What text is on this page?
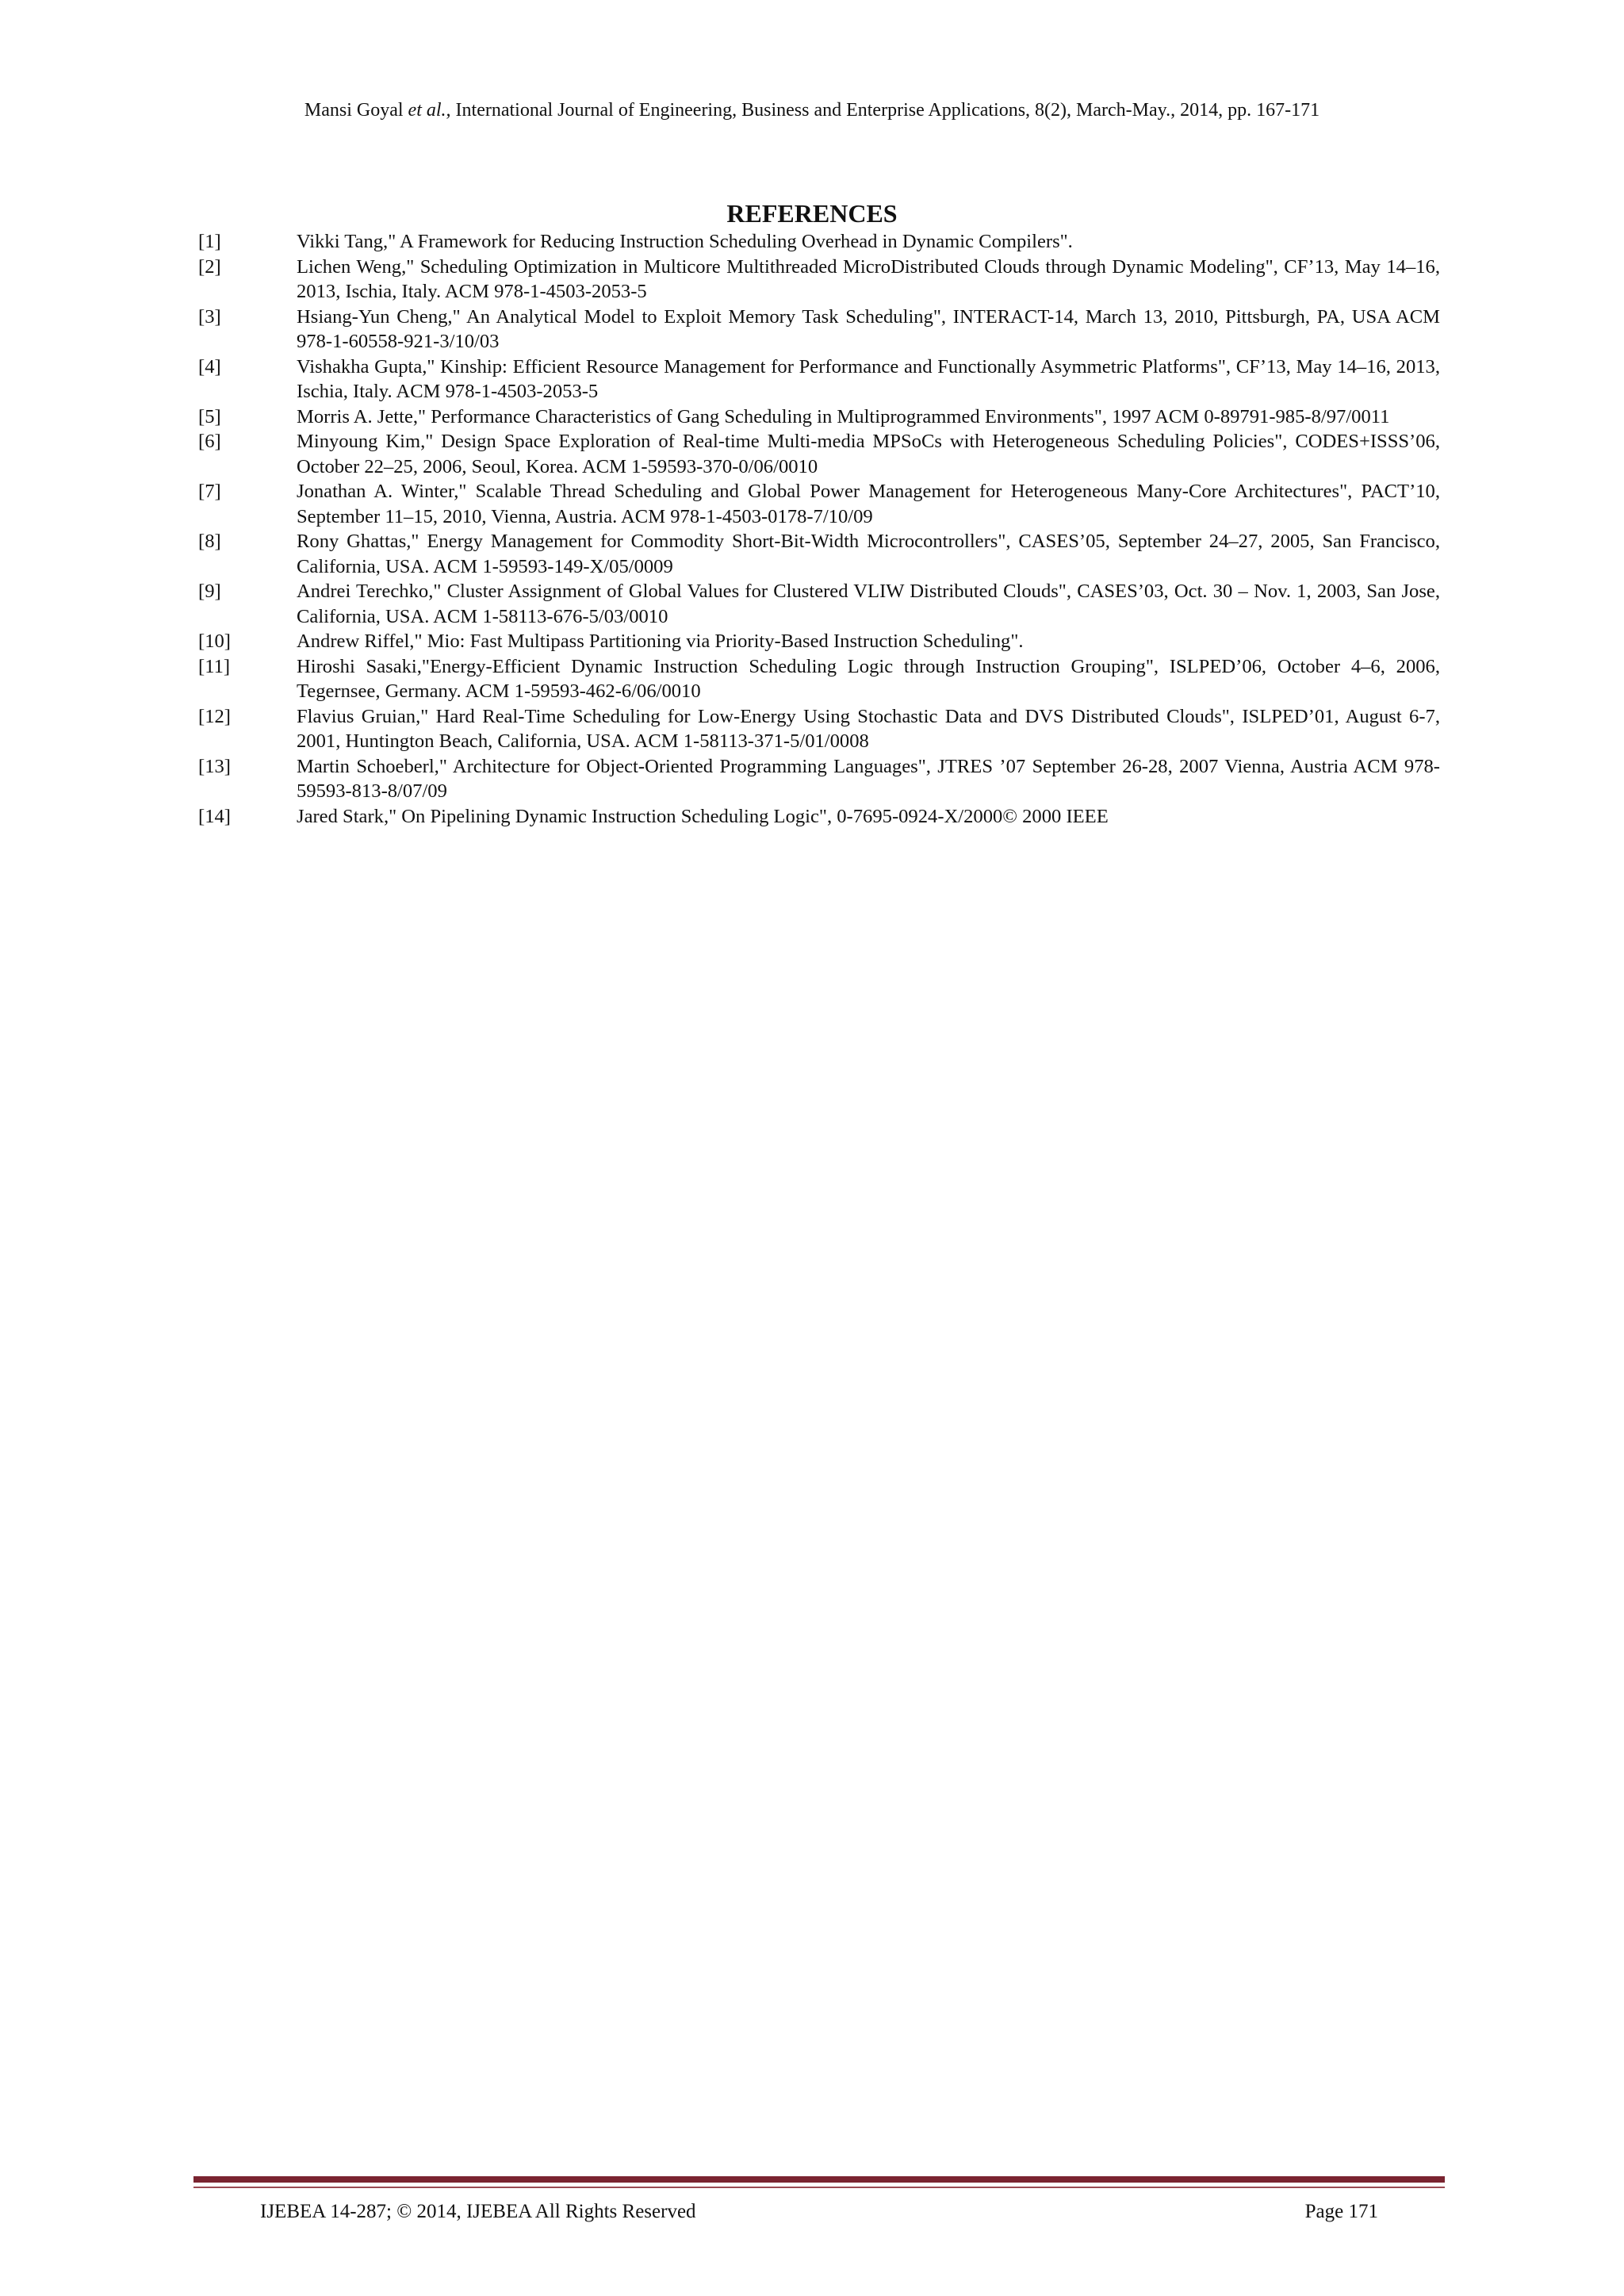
Mansi Goyal et al., International Journal of Engineering, Business and Enterprise Applications, 8(2), March-May., 2014, pp. 167-171
REFERENCES
[1]	Vikki Tang," A Framework for Reducing Instruction Scheduling Overhead in Dynamic Compilers".
[2]	Lichen Weng," Scheduling Optimization in Multicore Multithreaded MicroDistributed Clouds through Dynamic Modeling", CF’13, May 14–16, 2013, Ischia, Italy. ACM 978-1-4503-2053-5
[3]	Hsiang-Yun Cheng," An Analytical Model to Exploit Memory Task Scheduling", INTERACT-14, March 13, 2010, Pittsburgh, PA, USA ACM 978-1-60558-921-3/10/03
[4]	Vishakha Gupta," Kinship: Efficient Resource Management for Performance and Functionally Asymmetric Platforms", CF’13, May 14–16, 2013, Ischia, Italy. ACM 978-1-4503-2053-5
[5]	Morris A. Jette," Performance Characteristics of Gang Scheduling in Multiprogrammed Environments", 1997 ACM 0-89791-985-8/97/0011
[6]	Minyoung Kim," Design Space Exploration of Real-time Multi-media MPSoCs with Heterogeneous Scheduling Policies", CODES+ISSS’06, October 22–25, 2006, Seoul, Korea. ACM 1-59593-370-0/06/0010
[7]	Jonathan A. Winter," Scalable Thread Scheduling and Global Power Management for Heterogeneous Many-Core Architectures", PACT’10, September 11–15, 2010, Vienna, Austria. ACM 978-1-4503-0178-7/10/09
[8]	Rony Ghattas," Energy Management for Commodity Short-Bit-Width Microcontrollers", CASES’05, September 24–27, 2005, San Francisco, California, USA. ACM 1-59593-149-X/05/0009
[9]	Andrei Terechko," Cluster Assignment of Global Values for Clustered VLIW Distributed Clouds", CASES’03, Oct. 30 – Nov. 1, 2003, San Jose, California, USA. ACM 1-58113-676-5/03/0010
[10]	Andrew Riffel," Mio: Fast Multipass Partitioning via Priority-Based Instruction Scheduling".
[11]	Hiroshi Sasaki,"Energy-Efficient Dynamic Instruction Scheduling Logic through Instruction Grouping", ISLPED’06, October 4–6, 2006, Tegernsee, Germany. ACM 1-59593-462-6/06/0010
[12]	Flavius Gruian," Hard Real-Time Scheduling for Low-Energy Using Stochastic Data and DVS Distributed Clouds", ISLPED’01, August 6-7, 2001, Huntington Beach, California, USA. ACM 1-58113-371-5/01/0008
[13]	Martin Schoeberl," Architecture for Object-Oriented Programming Languages", JTRES ’07 September 26-28, 2007 Vienna, Austria ACM 978-59593-813-8/07/09
[14]	Jared Stark," On Pipelining Dynamic Instruction Scheduling Logic", 0-7695-0924-X/2000© 2000 IEEE
IJEBEA 14-287; © 2014, IJEBEA All Rights Reserved	Page 171
